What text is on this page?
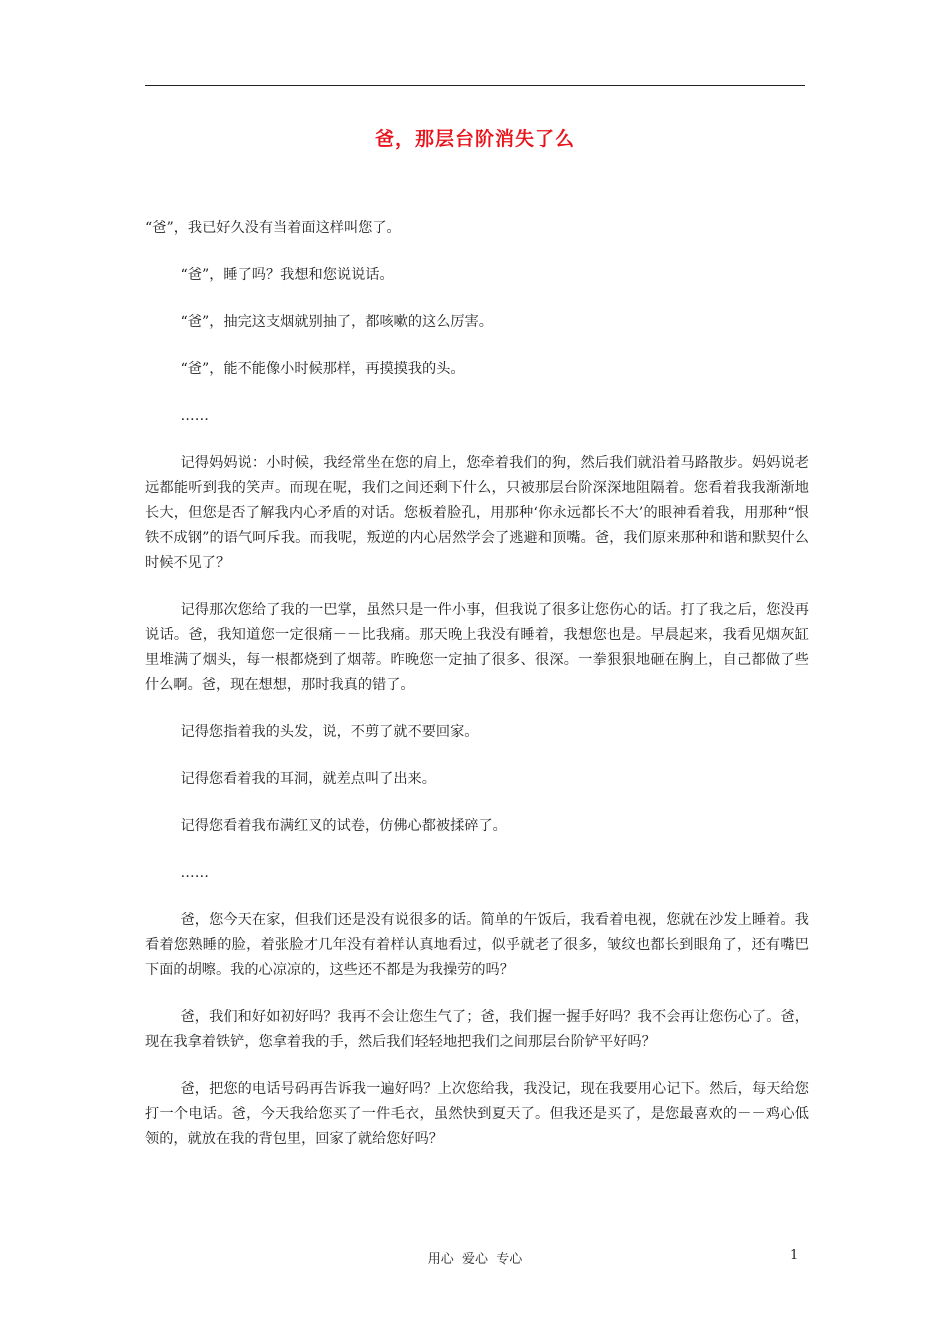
爸，那层台阶消失了么

“爸”，我已好久没有当着面这样叫您了。

“爸”，睡了吗？我想和您说说话。

“爸”，抽完这支烟就别抽了，都咳嗽的这么厉害。

“爸”，能不能像小时候那样，再摸摸我的头。

……

记得妈妈说：小时候，我经常坐在您的肩上，您牵着我们的狗，然后我们就沿着马路散步。妈妈说老远都能听到我的笑声。而现在呢，我们之间还剩下什么，只被那层台阶深深地阻隔着。您看着我我渐渐地长大，但您是否了解我内心矛盾的对话。您板着脸孔，用那种‘你永远都长不大’的眼神看着我，用那种“恨铁不成钢”的语气呵斥我。而我呢，叛逆的内心居然学会了逃避和顶嘴。爸，我们原来那种和谐和默契什么时候不见了？

记得那次您给了我的一巴掌，虽然只是一件小事，但我说了很多让您伤心的话。打了我之后，您没再说话。爸，我知道您一定很痛－－比我痛。那天晚上我没有睡着，我想您也是。早晨起来，我看见烟灰缸里堆满了烟头，每一根都烧到了烟蒂。昨晚您一定抽了很多、很深。一拳狠狠地砸在胸上，自己都做了些什么啊。爸，现在想想，那时我真的错了。

记得您指着我的头发，说，不剪了就不要回家。

记得您看着我的耳洞，就差点叫了出来。

记得您看着我布满红叉的试卷，仿佛心都被揉碎了。

……

爸，您今天在家，但我们还是没有说很多的话。简单的午饭后，我看着电视，您就在沙发上睡着。我看着您熟睡的脸，着张脸才几年没有着样认真地看过，似乎就老了很多，皱纹也都长到眼角了，还有嘴巴下面的胡嚓。我的心凉凉的，这些还不都是为我操劳的吗？

爸，我们和好如初好吗？我再不会让您生气了；爸，我们握一握手好吗？我不会再让您伤心了。爸，现在我拿着铁铲，您拿着我的手，然后我们轻轻地把我们之间那层台阶铲平好吗？

爸，把您的电话号码再告诉我一遍好吗？上次您给我，我没记，现在我要用心记下。然后，每天给您打一个电话。爸，今天我给您买了一件毛衣，虽然快到夏天了。但我还是买了，是您最喜欢的－－鸡心低领的，就放在我的背包里，回家了就给您好吗？

用心  爱心  专心	1
